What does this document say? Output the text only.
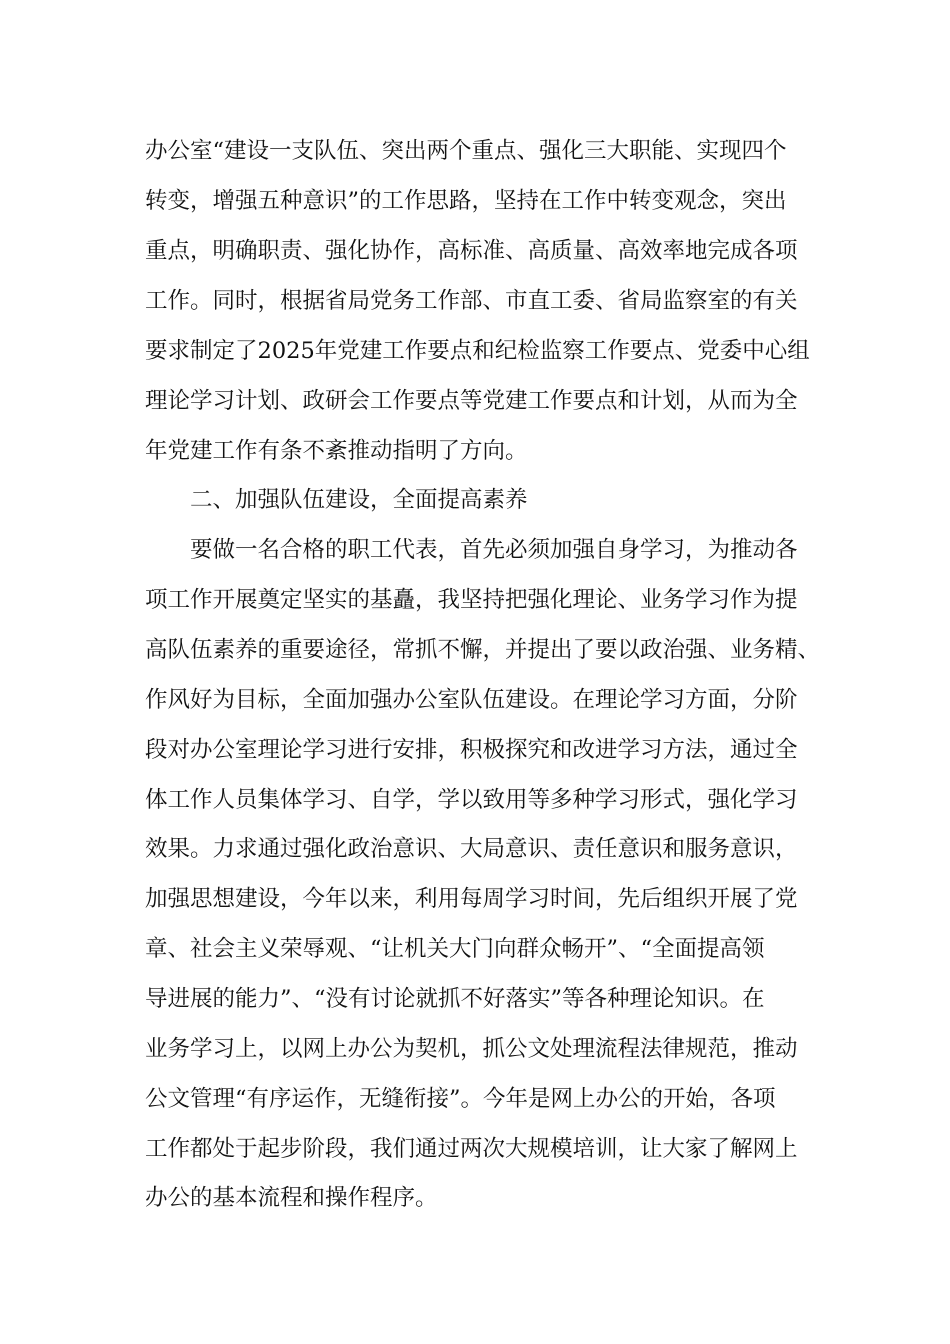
办公室“建设一支队伍、突出两个重点、强化三大职能、实现四个

转变，增强五种意识”的工作思路，坚持在工作中转变观念，突出

重点，明确职责、强化协作，高标准、高质量、高效率地完成各项

工作。同时，根据省局党务工作部、市直工委、省局监察室的有关

要求制定了2025年党建工作要点和纪检监察工作要点、党委中心组

理论学习计划、政研会工作要点等党建工作要点和计划，从而为全

年党建工作有条不紊推动指明了方向。

二、加强队伍建设，全面提高素养

要做一名合格的职工代表，首先必须加强自身学习，为推动各

项工作开展奠定坚实的基矗，我坚持把强化理论、业务学习作为提

高队伍素养的重要途径，常抓不懈，并提出了要以政治强、业务精、

作风好为目标，全面加强办公室队伍建设。在理论学习方面，分阶

段对办公室理论学习进行安排，积极探究和改进学习方法，通过全

体工作人员集体学习、自学，学以致用等多种学习形式，强化学习

效果。力求通过强化政治意识、大局意识、责任意识和服务意识，

加强思想建设，今年以来，利用每周学习时间，先后组织开展了党

章、社会主义荣辱观、“让机关大门向群众畅开”、“全面提高领

导进展的能力”、“没有讨论就抓不好落实”等各种理论知识。在

业务学习上，以网上办公为契机，抓公文处理流程法律规范，推动

公文管理“有序运作，无缝衔接”。今年是网上办公的开始，各项

工作都处于起步阶段，我们通过两次大规模培训，让大家了解网上

办公的基本流程和操作程序。
